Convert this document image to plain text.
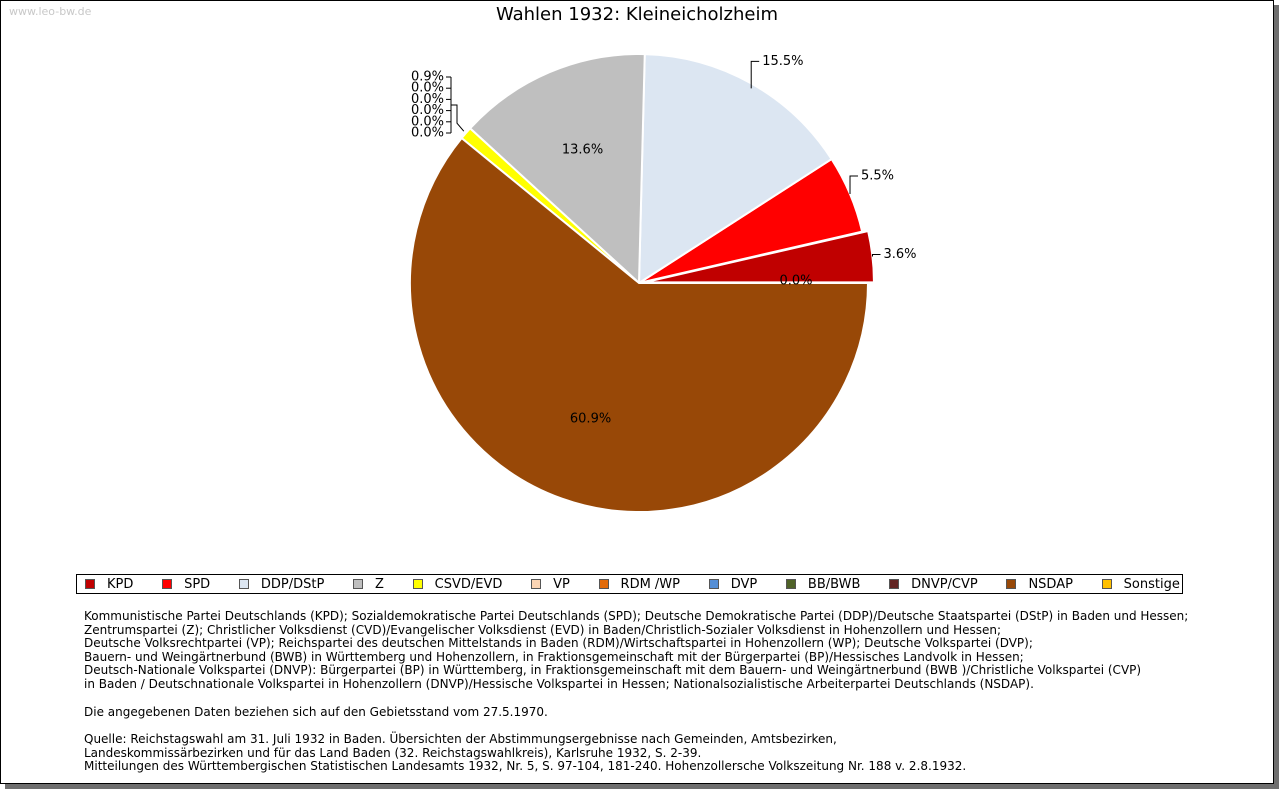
www.leo-bw.de	Wahlen 1932: Kleineicholzheim
13.6%
60.9%
15.5%
5.5%
3.6%
0.0%
0.9%
0.0%
0.0%
0.0%
0.0%
0.0%
KPD	SPD	DDP/DStP	Z	CSVD/EVD	VP	RDM /WP	DVP	BB/BWB	DNVP/CVP	NSDAP	Sonstige

Kommunistische Partei Deutschlands (KPD); Sozialdemokratische Partei Deutschlands (SPD); Deutsche Demokratische Partei (DDP)/Deutsche Staatspartei (DStP) in Baden und Hessen;

Zentrumspartei (Z); Christlicher Volksdienst (CVD)/Evangelischer Volksdienst (EVD) in Baden/Christlich-Sozialer Volksdienst in Hohenzollern und Hessen;

Deutsche Volksrechtpartei (VP); Reichspartei des deutschen Mittelstands in Baden (RDM)/Wirtschaftspartei in Hohenzollern (WP); Deutsche Volkspartei (DVP);

Bauern- und Weingärtnerbund (BWB) in Württemberg und Hohenzollern, in Fraktionsgemeinschaft mit der Bürgerpartei (BP)/Hessisches Landvolk in Hessen;

Deutsch-Nationale Volkspartei (DNVP): Bürgerpartei (BP) in Württemberg, in Fraktionsgemeinschaft mit dem Bauern- und Weingärtnerbund (BWB )/Christliche Volkspartei (CVP)

in Baden / Deutschnationale Volkspartei in Hohenzollern (DNVP)/Hessische Volkspartei in Hessen; Nationalsozialistische Arbeiterpartei Deutschlands (NSDAP).

Die angegebenen Daten beziehen sich auf den Gebietsstand vom 27.5.1970.

Quelle: Reichstagswahl am 31. Juli 1932 in Baden. Übersichten der Abstimmungsergebnisse nach Gemeinden, Amtsbezirken,

Landeskommissärbezirken und für das Land Baden (32. Reichstagswahlkreis), Karlsruhe 1932, S. 2-39.

Mitteilungen des Württembergischen Statistischen Landesamts 1932, Nr. 5, S. 97-104, 181-240. Hohenzollersche Volkszeitung Nr. 188 v. 2.8.1932.
